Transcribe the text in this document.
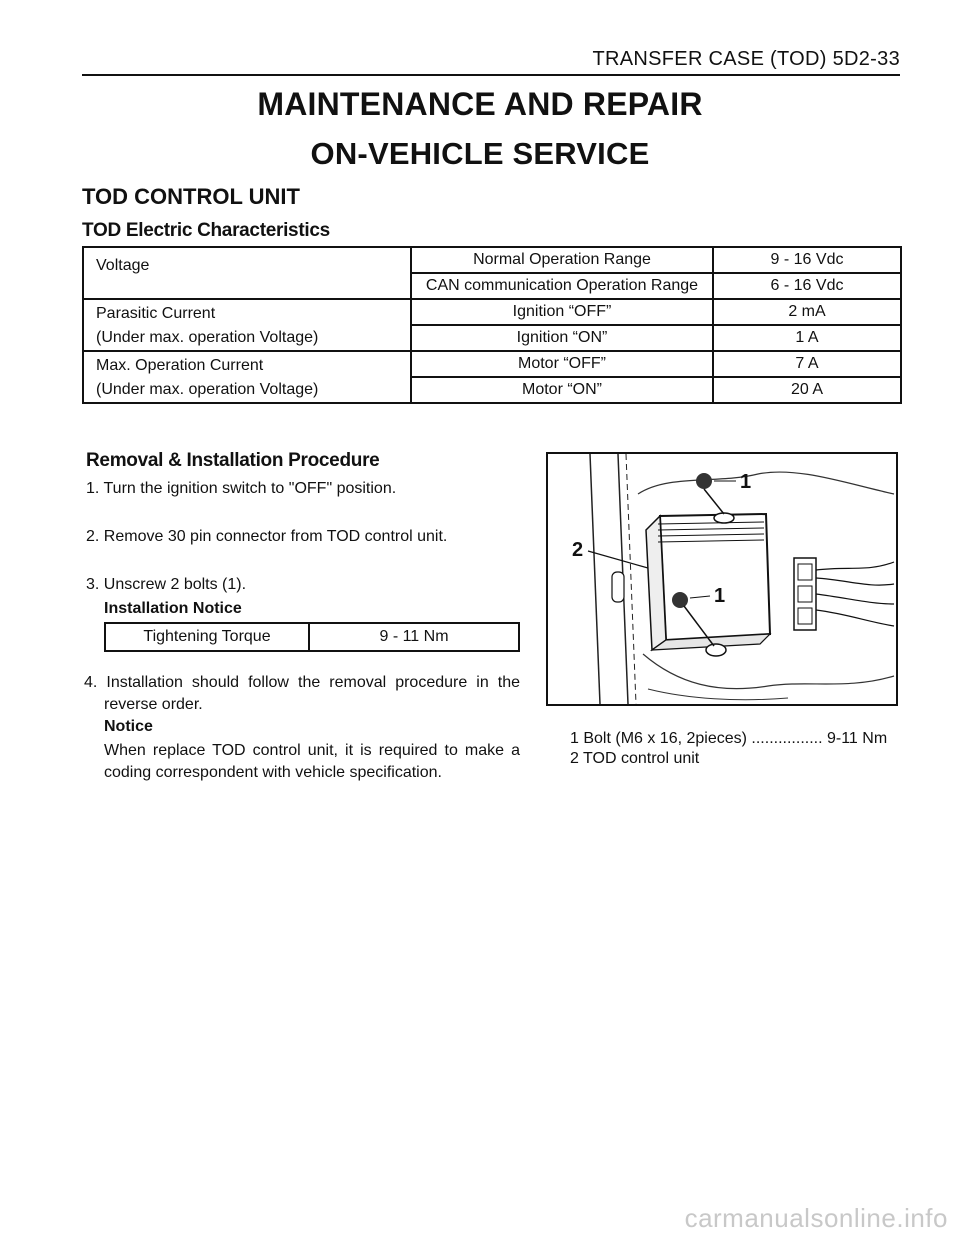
TRANSFER CASE (TOD) 5D2-33
MAINTENANCE AND REPAIR
ON-VEHICLE SERVICE
TOD CONTROL UNIT
TOD Electric Characteristics
Voltage	Normal Operation Range	9 - 16 Vdc
	CAN communication Operation Range	6 - 16 Vdc

Parasitic Current
(Under max. operation Voltage)	Ignition “OFF”	2 mA
	Ignition “ON”	1 A

Max. Operation Current
(Under max. operation Voltage)	Motor “OFF”	7 A
	Motor “ON”	20 A
Removal & Installation Procedure
1. Turn the ignition switch to "OFF" position.
2. Remove 30 pin connector from TOD control unit.
3. Unscrew 2 bolts (1).
Installation Notice
Tightening Torque	9 - 11 Nm
4. Installation should follow the removal procedure in the
reverse order.
Notice
When replace TOD control unit, it is required to make a
coding correspondent with vehicle specification.
1
1
2
1 Bolt (M6 x 16, 2pieces) ................ 9-11 Nm
2 TOD control unit
carmanualsonline.info
